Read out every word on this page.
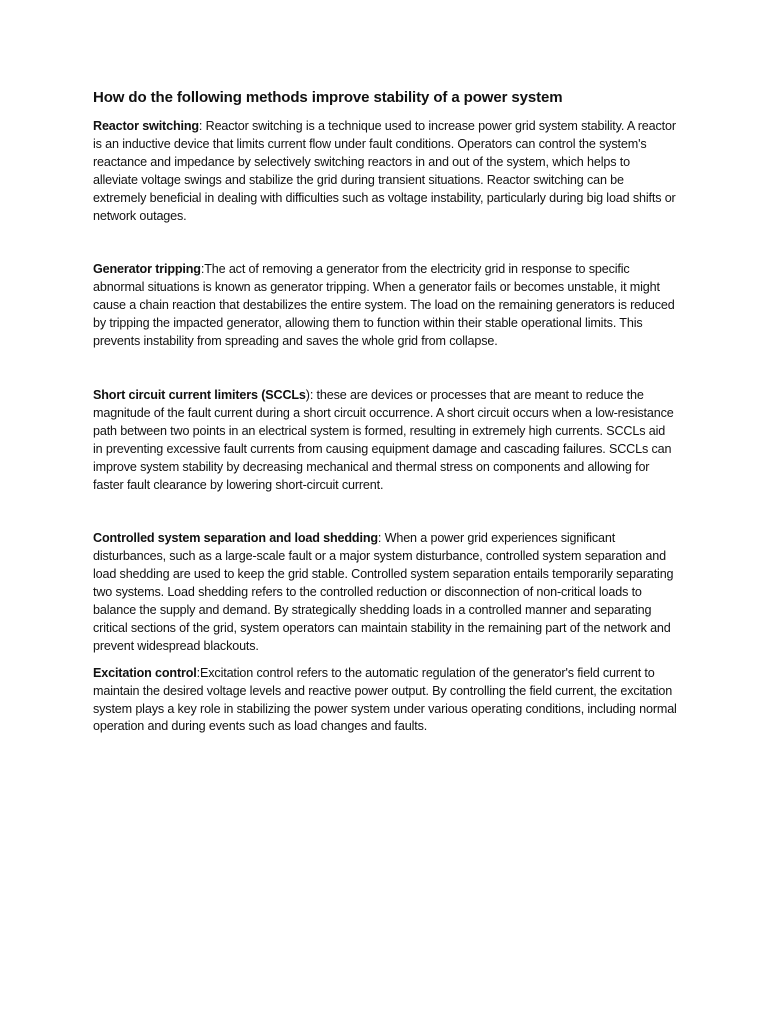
How do the following methods improve stability of a power system

Reactor switching: Reactor switching is a technique used to increase power grid system stability. A reactor is an inductive device that limits current flow under fault conditions. Operators can control the system's reactance and impedance by selectively switching reactors in and out of the system, which helps to alleviate voltage swings and stabilize the grid during transient situations. Reactor switching can be extremely beneficial in dealing with difficulties such as voltage instability, particularly during big load shifts or network outages.

Generator tripping:The act of removing a generator from the electricity grid in response to specific abnormal situations is known as generator tripping. When a generator fails or becomes unstable, it might cause a chain reaction that destabilizes the entire system. The load on the remaining generators is reduced by tripping the impacted generator, allowing them to function within their stable operational limits. This prevents instability from spreading and saves the whole grid from collapse.

Short circuit current limiters (SCCLs): these are devices or processes that are meant to reduce the magnitude of the fault current during a short circuit occurrence. A short circuit occurs when a low-resistance path between two points in an electrical system is formed, resulting in extremely high currents. SCCLs aid in preventing excessive fault currents from causing equipment damage and cascading failures. SCCLs can improve system stability by decreasing mechanical and thermal stress on components and allowing for faster fault clearance by lowering short-circuit current.

Controlled system separation and load shedding: When a power grid experiences significant disturbances, such as a large-scale fault or a major system disturbance, controlled system separation and load shedding are used to keep the grid stable. Controlled system separation entails temporarily separating two systems. Load shedding refers to the controlled reduction or disconnection of non-critical loads to balance the supply and demand. By strategically shedding loads in a controlled manner and separating critical sections of the grid, system operators can maintain stability in the remaining part of the network and prevent widespread blackouts.

Excitation control:Excitation control refers to the automatic regulation of the generator's field current to maintain the desired voltage levels and reactive power output. By controlling the field current, the excitation system plays a key role in stabilizing the power system under various operating conditions, including normal operation and during events such as load changes and faults.
